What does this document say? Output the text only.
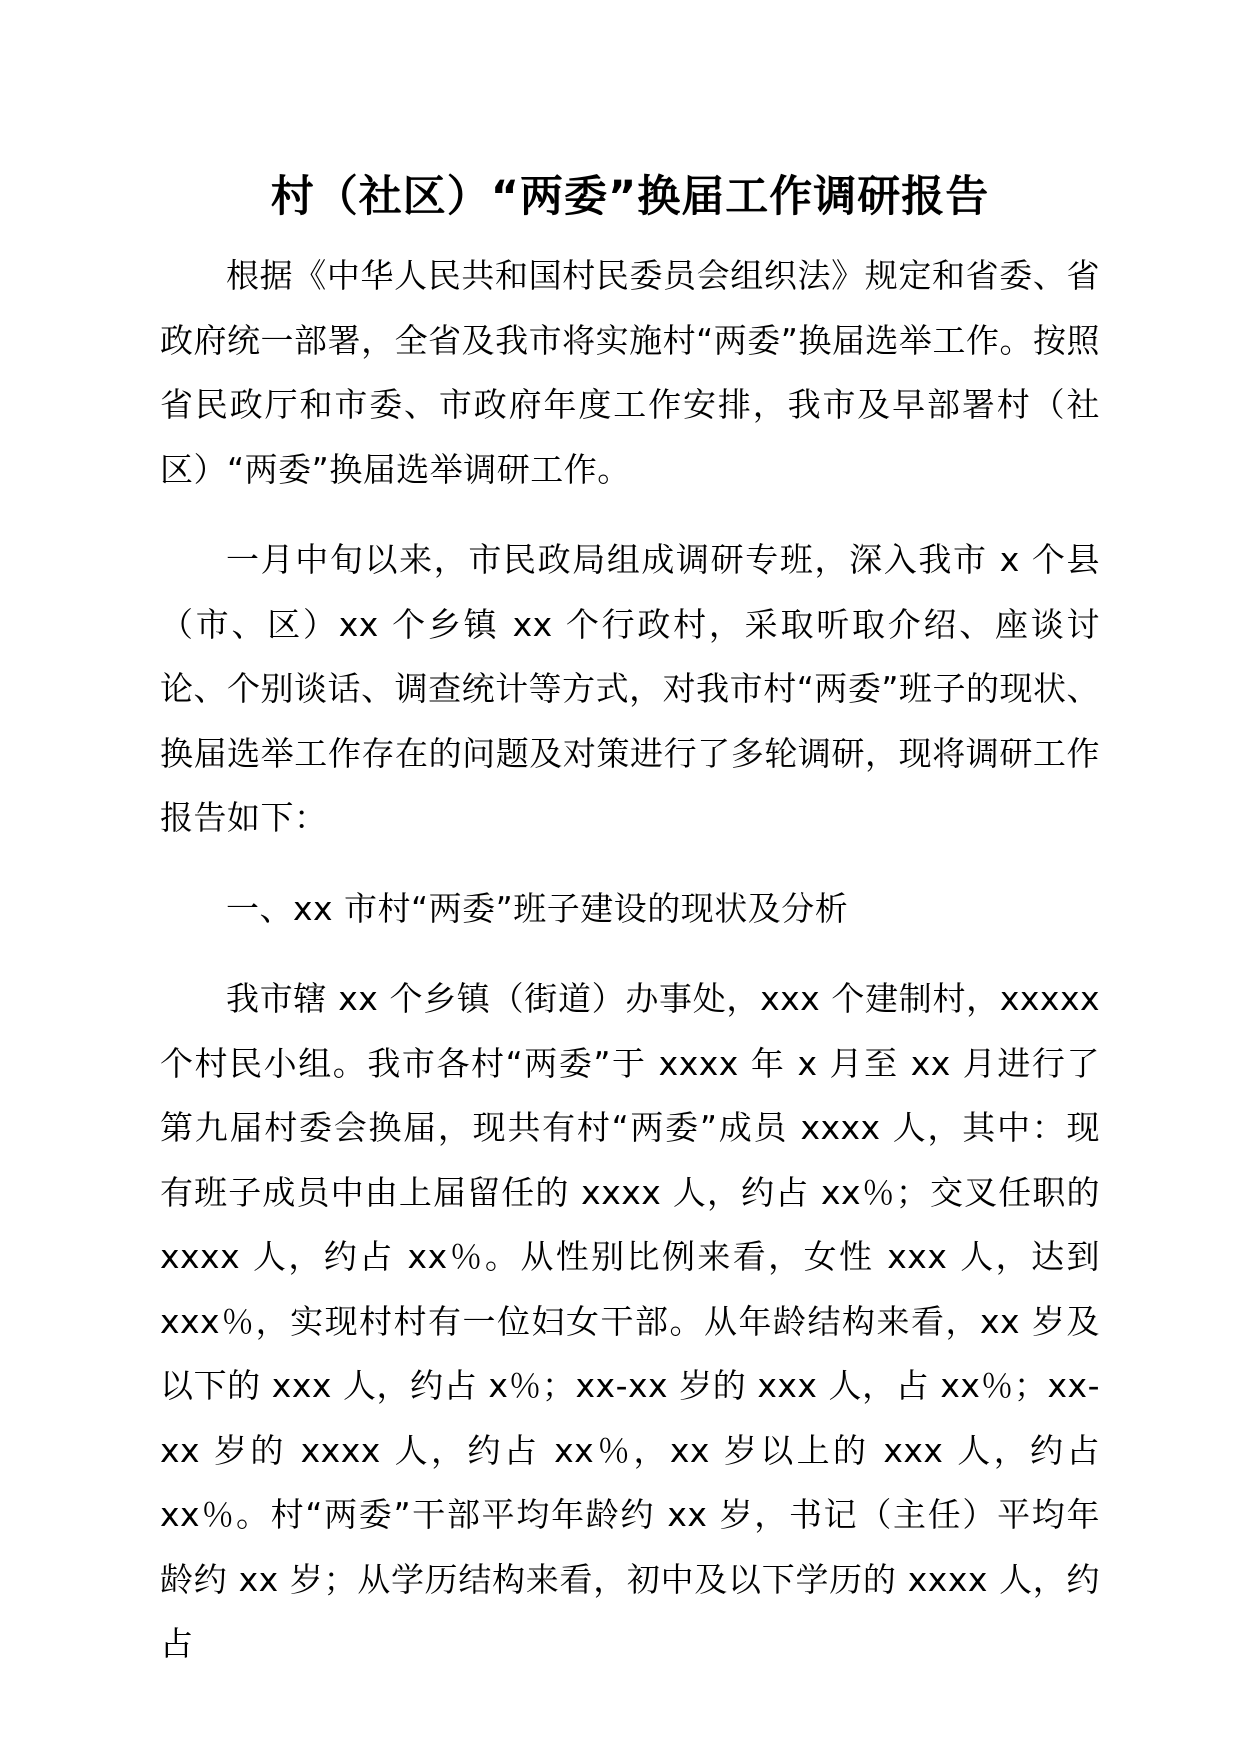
村（社区）“两委”换届工作调研报告

根据《中华人民共和国村民委员会组织法》规定和省委、省政府统一部署，全省及我市将实施村“两委”换届选举工作。按照省民政厅和市委、市政府年度工作安排，我市及早部署村（社区）“两委”换届选举调研工作。

一月中旬以来，市民政局组成调研专班，深入我市 x 个县（市、区）xx 个乡镇 xx 个行政村，采取听取介绍、座谈讨论、个别谈话、调查统计等方式，对我市村“两委”班子的现状、换届选举工作存在的问题及对策进行了多轮调研，现将调研工作报告如下：

一、xx 市村“两委”班子建设的现状及分析

我市辖 xx 个乡镇（街道）办事处，xxx 个建制村，xxxxx 个村民小组。我市各村“两委”于 xxxx 年 x 月至 xx 月进行了第九届村委会换届，现共有村“两委”成员 xxxx 人，其中：现有班子成员中由上届留任的 xxxx 人，约占 xx％；交叉任职的 xxxx 人，约占 xx％。从性别比例来看，女性 xxx 人，达到 xxx％，实现村村有一位妇女干部。从年龄结构来看，xx 岁及以下的 xxx 人，约占 x％；xx-xx 岁的 xxx 人，占 xx％；xx-xx 岁的 xxxx 人，约占 xx％，xx 岁以上的 xxx 人，约占 xx％。村“两委”干部平均年龄约 xx 岁，书记（主任）平均年龄约 xx 岁；从学历结构来看，初中及以下学历的 xxxx 人，约占
